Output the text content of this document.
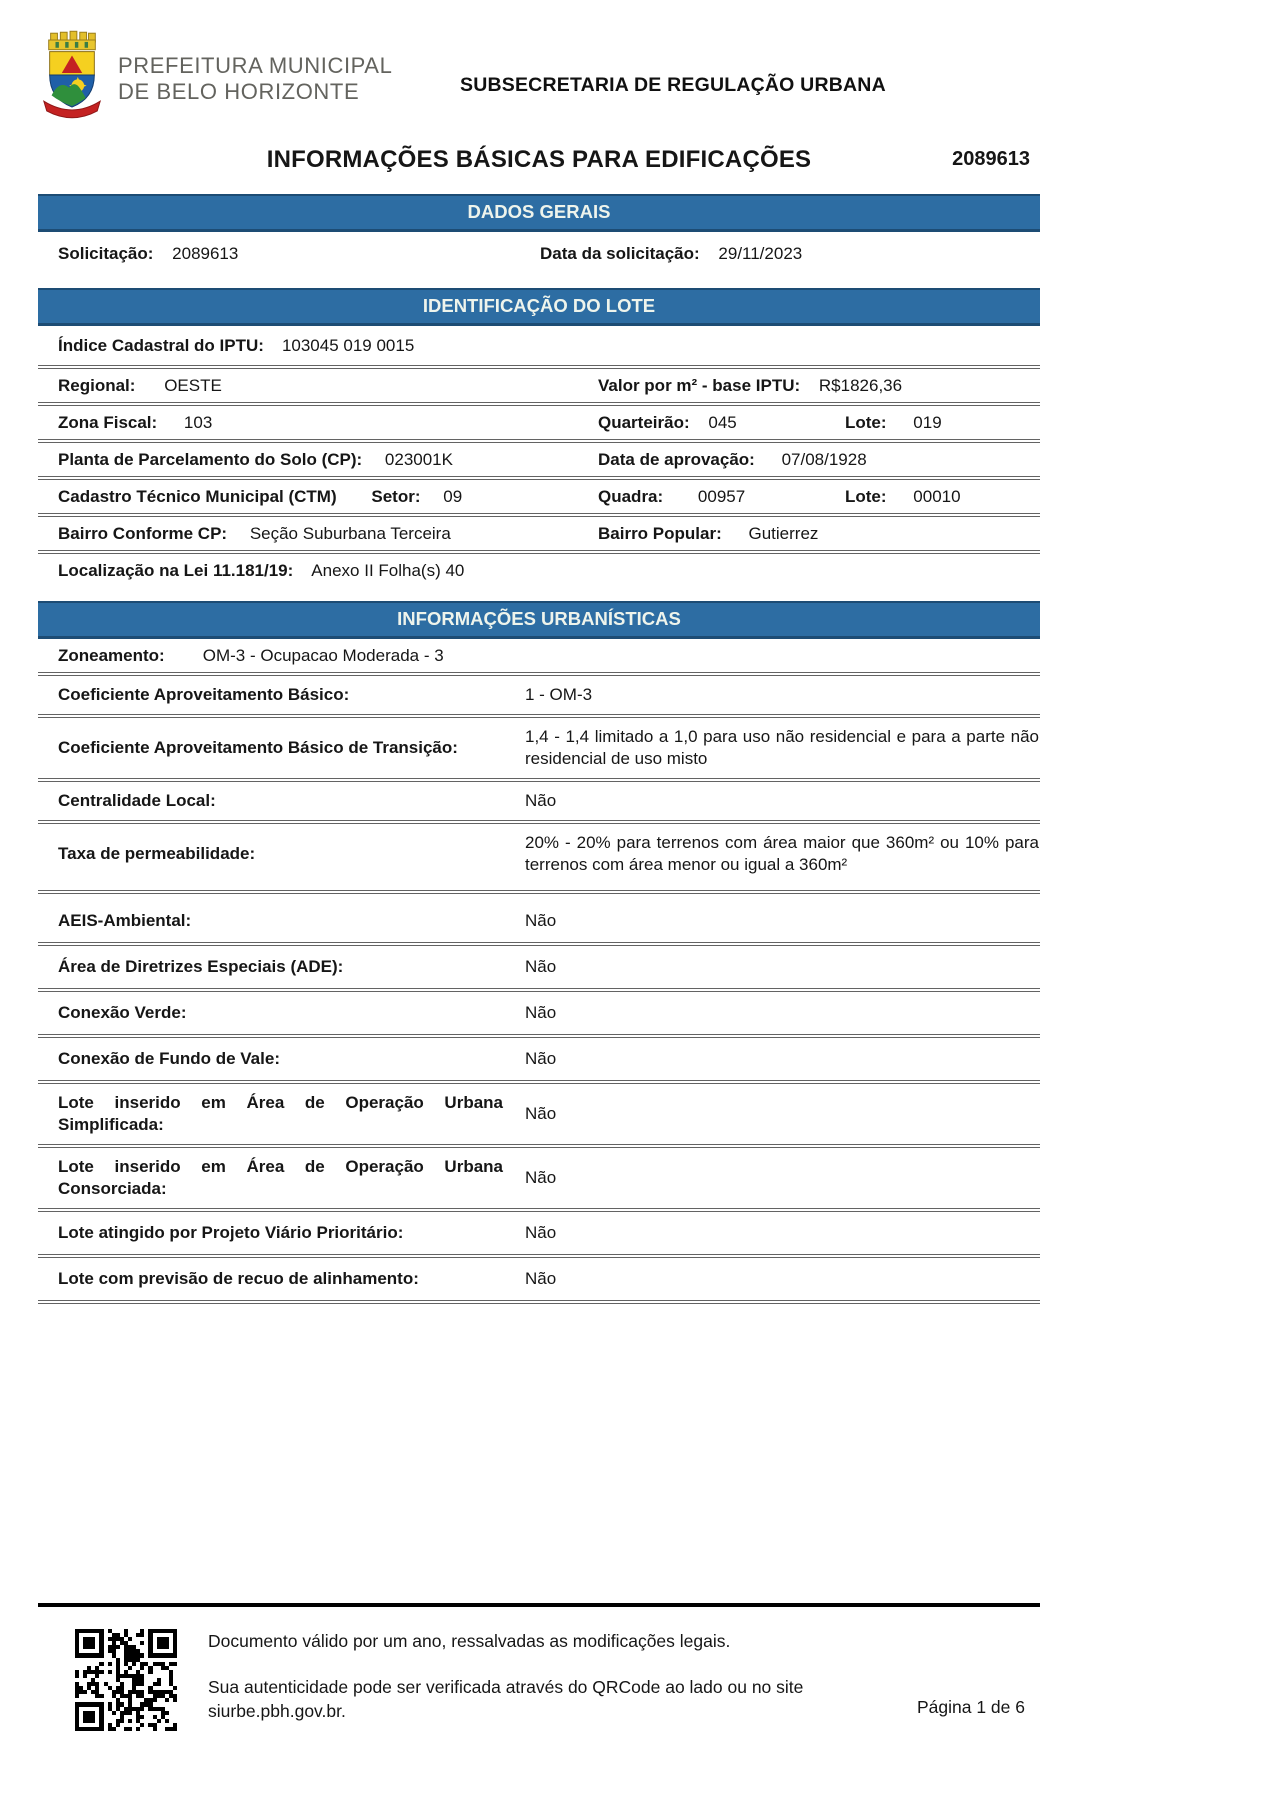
PREFEITURA MUNICIPAL
DE BELO HORIZONTE	SUBSECRETARIA DE REGULAÇÃO URBANA
INFORMAÇÕES BÁSICAS PARA EDIFICAÇÕES	2089613
DADOS GERAIS
Solicitação: 2089613	Data da solicitação: 29/11/2023
IDENTIFICAÇÃO DO LOTE
Índice Cadastral do IPTU: 103045 019 0015
Regional: OESTE	Valor por m² - base IPTU: R$1826,36
Zona Fiscal: 103	Quarteirão: 045	Lote: 019
Planta de Parcelamento do Solo (CP): 023001K	Data de aprovação: 07/08/1928
Cadastro Técnico Municipal (CTM) Setor: 09	Quadra: 00957	Lote: 00010
Bairro Conforme CP: Seção Suburbana Terceira	Bairro Popular: Gutierrez
Localização na Lei 11.181/19: Anexo II Folha(s) 40
INFORMAÇÕES URBANÍSTICAS
Zoneamento: OM-3 - Ocupacao Moderada - 3
Coeficiente Aproveitamento Básico:	1 - OM-3
Coeficiente Aproveitamento Básico de Transição:
1,4 - 1,4 limitado a 1,0 para uso não residencial e para a parte não residencial de uso misto
Centralidade Local:	Não
Taxa de permeabilidade:
20% - 20% para terrenos com área maior que 360m² ou 10% para terrenos com área menor ou igual a 360m²
AEIS-Ambiental:	Não
Área de Diretrizes Especiais (ADE):	Não
Conexão Verde:	Não
Conexão de Fundo de Vale:	Não
Lote inserido em Área de Operação Urbana Simplificada:
Não
Lote inserido em Área de Operação Urbana Consorciada:
Não
Lote atingido por Projeto Viário Prioritário:	Não
Lote com previsão de recuo de alinhamento:	Não
Documento válido por um ano, ressalvadas as modificações legais.
Sua autenticidade pode ser verificada através do QRCode ao lado ou no site siurbe.pbh.gov.br.	Página 1 de 6
